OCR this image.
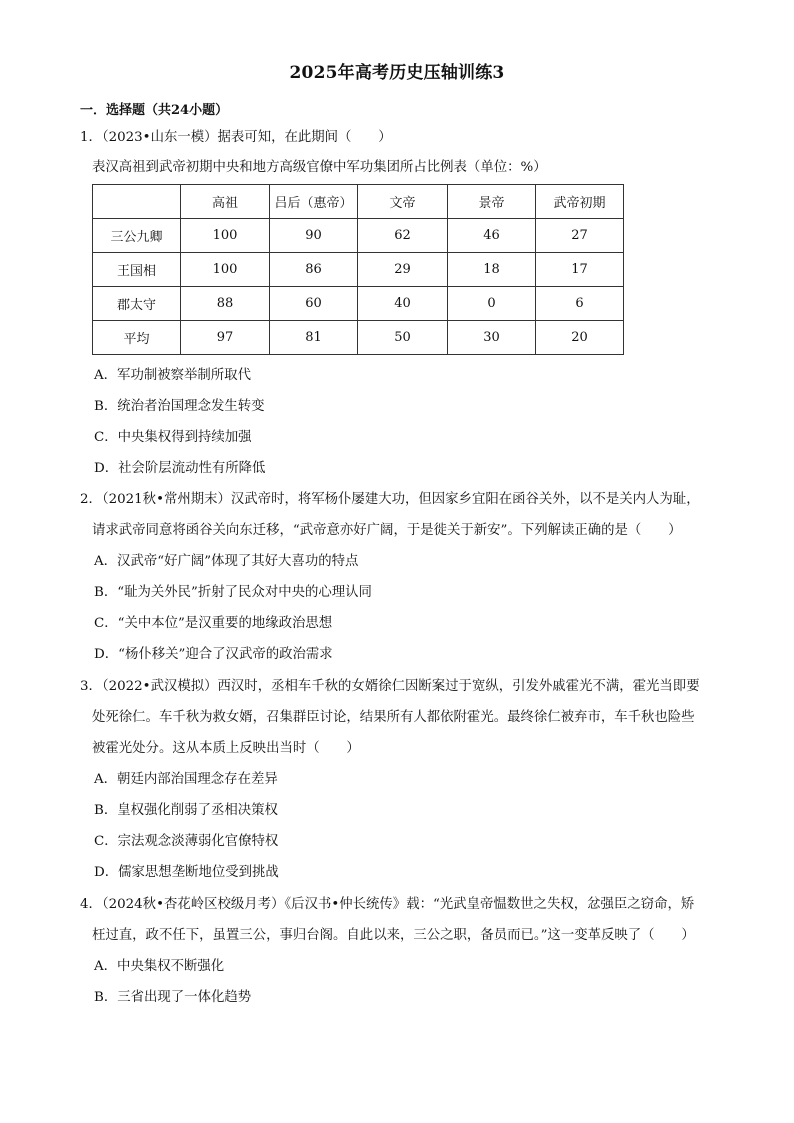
2025年高考历史压轴训练3
一．选择题（共24小题）
1．（2023•山东一模）据表可知，在此期间（　　）
表汉高祖到武帝初期中央和地方高级官僚中军功集团所占比例表（单位：%）
	高祖	吕后（惠帝）	文帝	景帝	武帝初期
三公九卿	100	90	62	46	27
王国相	100	86	29	18	17
郡太守	88	60	40	0	6
平均	97	81	50	30	20
A．军功制被察举制所取代
B．统治者治国理念发生转变
C．中央集权得到持续加强
D．社会阶层流动性有所降低
2．（2021秋•常州期末）汉武帝时，将军杨仆屡建大功，但因家乡宜阳在函谷关外，以不是关内人为耻，
请求武帝同意将函谷关向东迁移，“武帝意亦好广阔，于是徙关于新安”。下列解读正确的是（　　）
A．汉武帝“好广阔”体现了其好大喜功的特点
B．“耻为关外民”折射了民众对中央的心理认同
C．“关中本位”是汉重要的地缘政治思想
D．“杨仆移关”迎合了汉武帝的政治需求
3．（2022•武汉模拟）西汉时，丞相车千秋的女婿徐仁因断案过于宽纵，引发外戚霍光不满，霍光当即要
处死徐仁。车千秋为救女婿，召集群臣讨论，结果所有人都依附霍光。最终徐仁被弃市，车千秋也险些
被霍光处分。这从本质上反映出当时（　　）
A．朝廷内部治国理念存在差异
B．皇权强化削弱了丞相决策权
C．宗法观念淡薄弱化官僚特权
D．儒家思想垄断地位受到挑战
4．（2024秋•杏花岭区校级月考）《后汉书•仲长统传》载：“光武皇帝愠数世之失权，忿强臣之窃命，矫
枉过直，政不任下，虽置三公，事归台阁。自此以来，三公之职，备员而已。”这一变革反映了（　　）
A．中央集权不断强化
B．三省出现了一体化趋势
